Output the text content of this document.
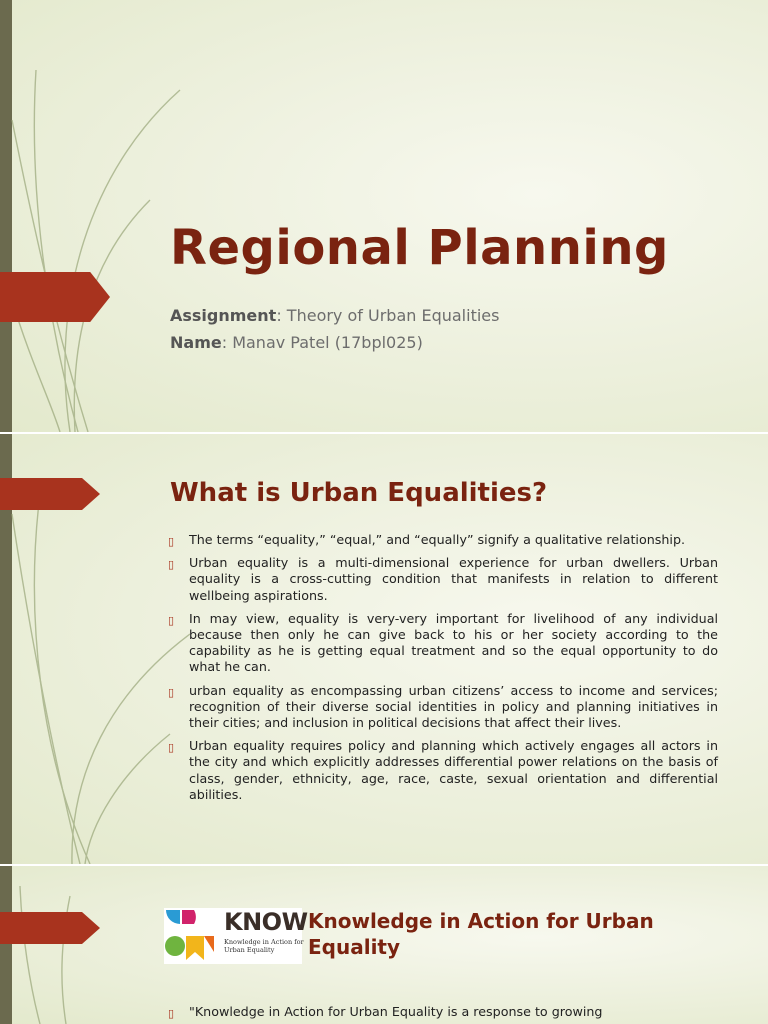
Regional Planning
Assignment: Theory of Urban Equalities
Name: Manav Patel (17bpl025)
What is Urban Equalities?
▯ The terms “equality,” “equal,” and “equally” signify a qualitative relationship.
▯ Urban equality is a multi-dimensional experience for urban dwellers. Urban equality is a cross-cutting condition that manifests in relation to different wellbeing aspirations.
▯ In may view, equality is very-very important for livelihood of any individual because then only he can give back to his or her society according to the capability as he is getting equal treatment and so the equal opportunity to do what he can.
▯ urban equality as encompassing urban citizens’ access to income and services; recognition of their diverse social identities in policy and planning initiatives in their cities; and inclusion in political decisions that affect their lives.
▯ Urban equality requires policy and planning which actively engages all actors in the city and which explicitly addresses differential power relations on the basis of class, gender, ethnicity, age, race, caste, sexual orientation and differential abilities.
KNOW
Knowledge in Action for Urban Equality
Knowledge in Action for Urban Equality
▯ "Knowledge in Action for Urban Equality is a response to growing
